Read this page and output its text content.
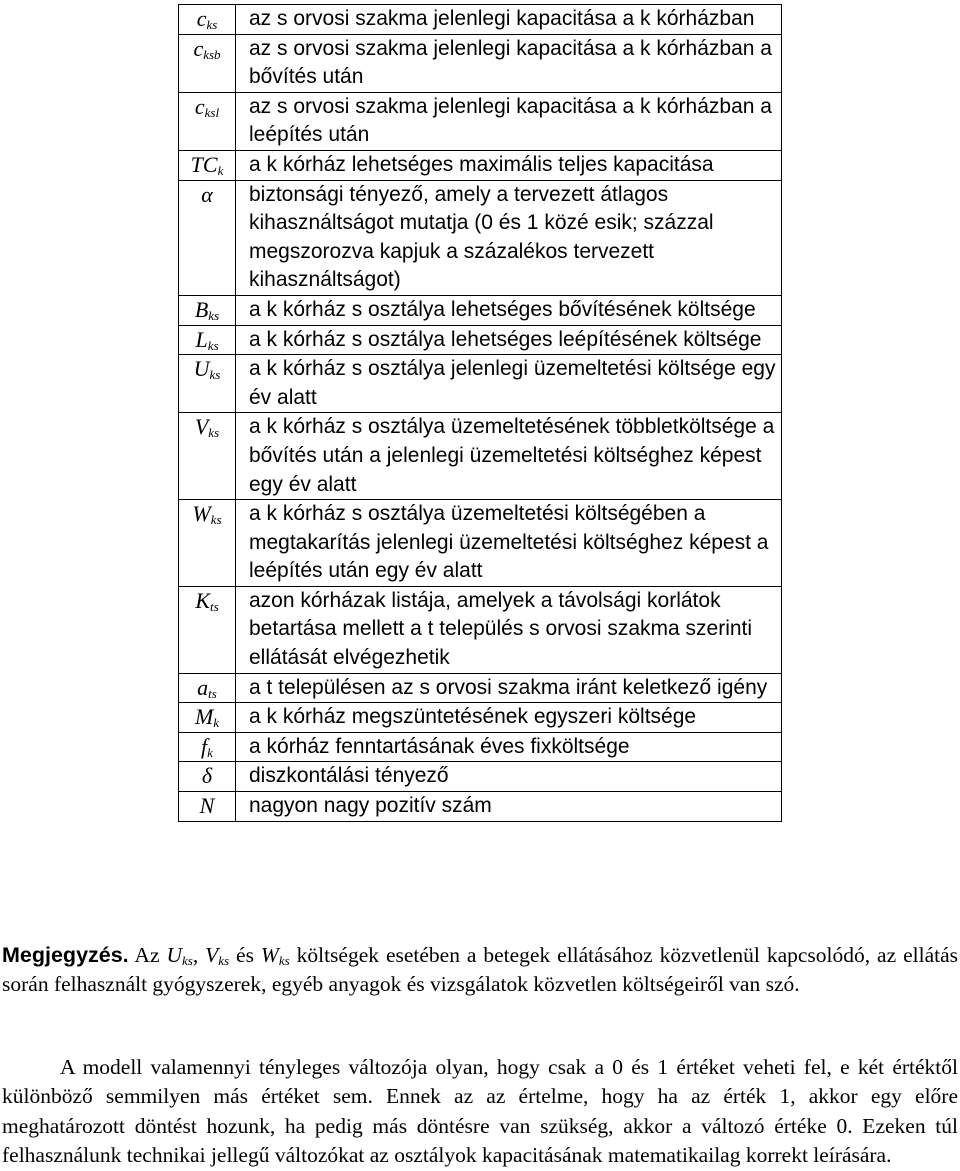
$c_{ks}$	az s orvosi szakma jelenlegi kapacitása a k kórházban
$c_{ksb}$	az s orvosi szakma jelenlegi kapacitása a k kórházban a bővítés után
$c_{ksl}$	az s orvosi szakma jelenlegi kapacitása a k kórházban a leépítés után
$TC_k$	a k kórház lehetséges maximális teljes kapacitása
α	biztonsági tényező, amely a tervezett átlagos kihasználtságot mutatja (0 és 1 közé esik; százzal megszorozva kapjuk a százalékos tervezett kihasználtságot)
$B_{ks}$	a k kórház s osztálya lehetséges bővítésének költsége
$L_{ks}$	a k kórház s osztálya lehetséges leépítésének költsége
$U_{ks}$	a k kórház s osztálya jelenlegi üzemeltetési költsége egy év alatt
$V_{ks}$	a k kórház s osztálya üzemeltetésének többletköltsége a bővítés után a jelenlegi üzemeltetési költséghez képest egy év alatt
$W_{ks}$	a k kórház s osztálya üzemeltetési költségében a megtakarítás jelenlegi üzemeltetési költséghez képest a leépítés után egy év alatt
$K_{ts}$	azon kórházak listája, amelyek a távolsági korlátok betartása mellett a t település s orvosi szakma szerinti ellátását elvégezhetik
$a_{ts}$	a t településen az s orvosi szakma iránt keletkező igény
$M_k$	a k kórház megszüntetésének egyszeri költsége
$f_k$	a kórház fenntartásának éves fixköltsége
δ	diszkontálási tényező
N	nagyon nagy pozitív szám

Megjegyzés. Az $U_{ks}$, $V_{ks}$ és $W_{ks}$ költségek esetében a betegek ellátásához közvetlenül kapcsolódó, az ellátás során felhasznált gyógyszerek, egyéb anyagok és vizsgálatok közvetlen költségeiről van szó.

A modell valamennyi tényleges változója olyan, hogy csak a 0 és 1 értéket veheti fel, e két értéktől különböző semmilyen más értéket sem. Ennek az az értelme, hogy ha az érték 1, akkor egy előre meghatározott döntést hozunk, ha pedig más döntésre van szükség, akkor a változó értéke 0. Ezeken túl felhasználunk technikai jellegű változókat az osztályok kapacitásának matematikailag korrekt leírására.
